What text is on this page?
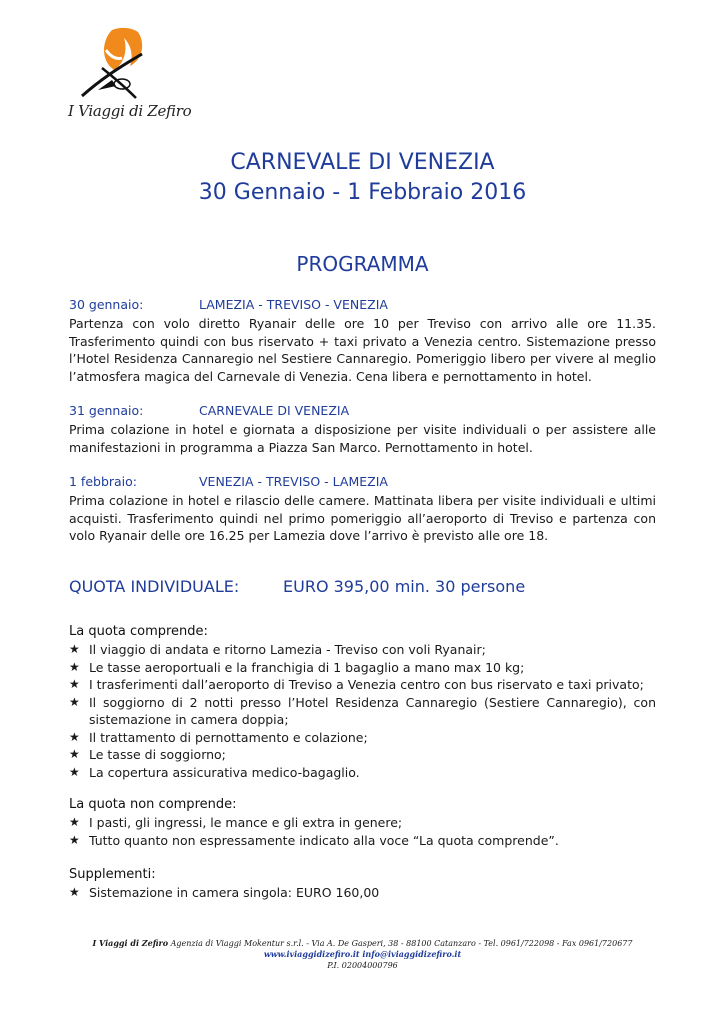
I Viaggi di Zefiro
CARNEVALE DI VENEZIA
30 Gennaio - 1 Febbraio 2016
PROGRAMMA
30 gennaio:	LAMEZIA - TREVISO - VENEZIA
Partenza con volo diretto Ryanair delle ore 10 per Treviso con arrivo alle ore 11.35. Trasferimento quindi con bus riservato + taxi privato a Venezia centro. Sistemazione presso l’Hotel Residenza Cannaregio nel Sestiere Cannaregio. Pomeriggio libero per vivere al meglio l’atmosfera magica del Carnevale di Venezia. Cena libera e pernottamento in hotel.
31 gennaio:	CARNEVALE DI VENEZIA
Prima colazione in hotel e giornata a disposizione per visite individuali o per assistere alle manifestazioni in programma a Piazza San Marco. Pernottamento in hotel.
1 febbraio:	VENEZIA - TREVISO - LAMEZIA
Prima colazione in hotel e rilascio delle camere. Mattinata libera per visite individuali e ultimi acquisti. Trasferimento quindi nel primo pomeriggio all’aeroporto di Treviso e partenza con volo Ryanair delle ore 16.25 per Lamezia dove l’arrivo è previsto alle ore 18.
QUOTA INDIVIDUALE:	EURO 395,00 min. 30 persone
La quota comprende:
★ Il viaggio di andata e ritorno Lamezia - Treviso con voli Ryanair;
★ Le tasse aeroportuali e la franchigia di 1 bagaglio a mano max 10 kg;
★ I trasferimenti dall’aeroporto di Treviso a Venezia centro con bus riservato e taxi privato;
★ Il soggiorno di 2 notti presso l’Hotel Residenza Cannaregio (Sestiere Cannaregio), con sistemazione in camera doppia;
★ Il trattamento di pernottamento e colazione;
★ Le tasse di soggiorno;
★ La copertura assicurativa medico-bagaglio.
La quota non comprende:
★ I pasti, gli ingressi, le mance e gli extra in genere;
★ Tutto quanto non espressamente indicato alla voce “La quota comprende”.
Supplementi:
★ Sistemazione in camera singola: EURO 160,00
I Viaggi di Zefiro Agenzia di Viaggi Mokentur s.r.l. - Via A. De Gasperi, 38 - 88100 Catanzaro - Tel. 0961/722098 - Fax 0961/720677
www.iviaggidizefiro.it info@iviaggidizefiro.it
P.I. 02004000796
